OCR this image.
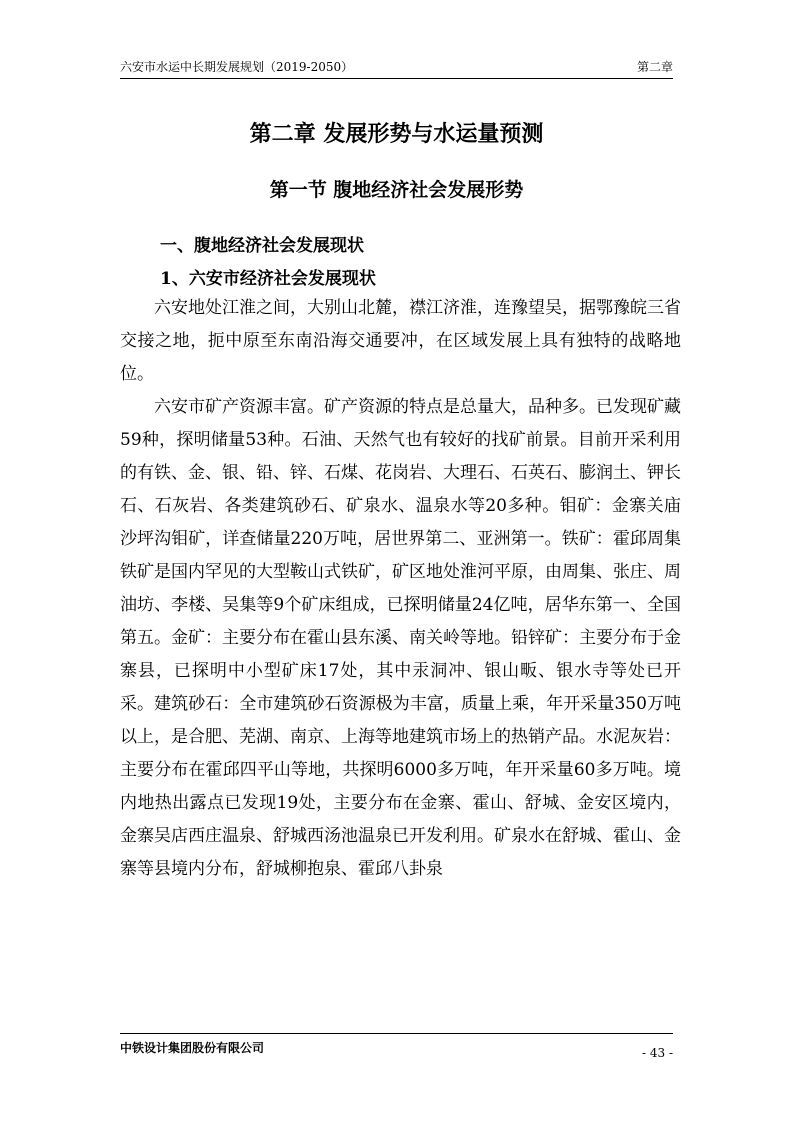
六安市水运中长期发展规划（2019-2050）	第二章
第二章 发展形势与水运量预测
第一节 腹地经济社会发展形势
一、腹地经济社会发展现状
1、六安市经济社会发展现状

六安地处江淮之间，大别山北麓，襟江济淮，连豫望吴，据鄂豫皖三省交接之地，扼中原至东南沿海交通要冲，在区域发展上具有独特的战略地位。

六安市矿产资源丰富。矿产资源的特点是总量大，品种多。已发现矿藏59种，探明储量53种。石油、天然气也有较好的找矿前景。目前开采利用的有铁、金、银、铅、锌、石煤、花岗岩、大理石、石英石、膨润土、钾长石、石灰岩、各类建筑砂石、矿泉水、温泉水等20多种。钼矿：金寨关庙沙坪沟钼矿，详查储量220万吨，居世界第二、亚洲第一。铁矿：霍邱周集铁矿是国内罕见的大型鞍山式铁矿，矿区地处淮河平原，由周集、张庄、周油坊、李楼、吴集等9个矿床组成，已探明储量24亿吨，居华东第一、全国第五。金矿：主要分布在霍山县东溪、南关岭等地。铅锌矿：主要分布于金寨县，已探明中小型矿床17处，其中汞洞冲、银山畈、银水寺等处已开采。建筑砂石：全市建筑砂石资源极为丰富，质量上乘，年开采量350万吨以上，是合肥、芜湖、南京、上海等地建筑市场上的热销产品。水泥灰岩：主要分布在霍邱四平山等地，共探明6000多万吨，年开采量60多万吨。境内地热出露点已发现19处，主要分布在金寨、霍山、舒城、金安区境内，金寨吴店西庄温泉、舒城西汤池温泉已开发利用。矿泉水在舒城、霍山、金寨等县境内分布，舒城柳抱泉、霍邱八卦泉

中铁设计集团股份有限公司	- 43 -
